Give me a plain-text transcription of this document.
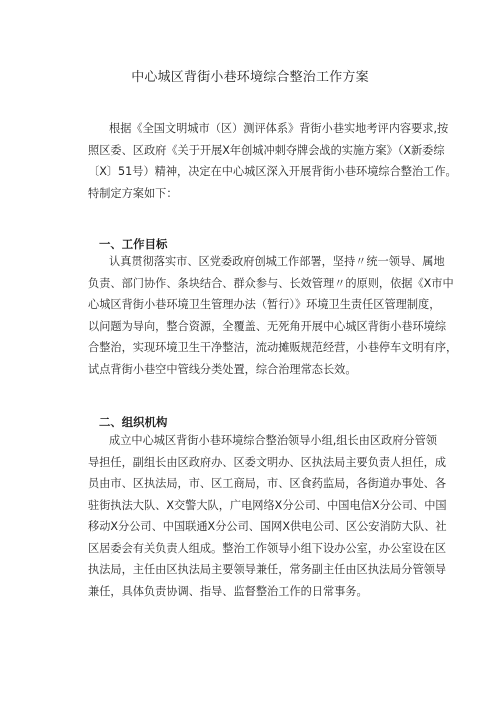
中心城区背街小巷环境综合整治工作方案
根据《全国文明城市（区）测评体系》背街小巷实地考评内容要求,按
照区委、区政府《关于开展X年创城冲刺夺牌会战的实施方案》（X新委综
〔X〕51号）精神，决定在中心城区深入开展背街小巷环境综合整治工作。
特制定方案如下：
一、工作目标
认真贯彻落实市、区党委政府创城工作部署，坚持〃统一领导、属地
负责、部门协作、条块结合、群众参与、长效管理〃的原则，依据《X市中
心城区背街小巷环境卫生管理办法（暂行）》环境卫生责任区管理制度，
以问题为导向，整合资源，全覆盖、无死角开展中心城区背街小巷环境综
合整治，实现环境卫生干净整洁，流动摊贩规范经营，小巷停车文明有序，
试点背街小巷空中管线分类处置，综合治理常态长效。
二、组织机构
成立中心城区背街小巷环境综合整治领导小组,组长由区政府分管领
导担任，副组长由区政府办、区委文明办、区执法局主要负责人担任，成
员由市、区执法局，市、区工商局，市、区食药监局，各街道办事处、各
驻街执法大队、X交警大队，广电网络X分公司、中国电信X分公司、中国
移动X分公司、中国联通X分公司、国网X供电公司、区公安消防大队、社
区居委会有关负责人组成。整治工作领导小组下设办公室，办公室设在区
执法局，主任由区执法局主要领导兼任，常务副主任由区执法局分管领导
兼任，具体负责协调、指导、监督整治工作的日常事务。
